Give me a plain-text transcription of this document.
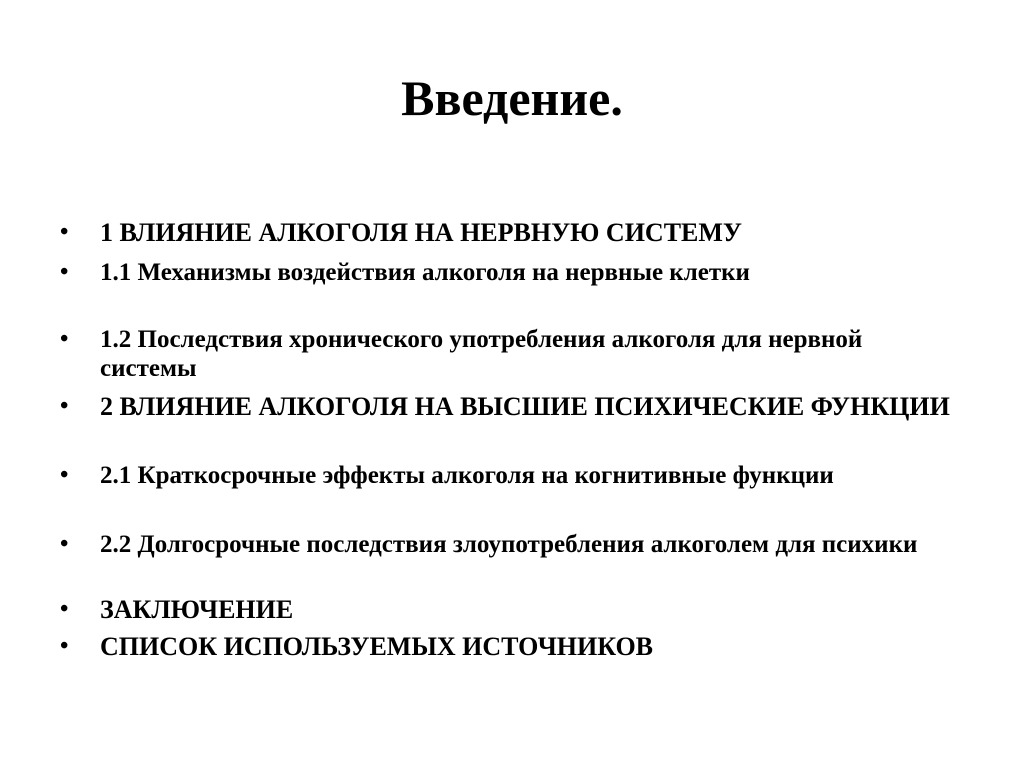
Введение.
•	1 ВЛИЯНИЕ АЛКОГОЛЯ НА НЕРВНУЮ СИСТЕМУ
•	1.1 Механизмы воздействия алкоголя на нервные клетки
•	1.2 Последствия хронического употребления алкоголя для нервной системы
•	2 ВЛИЯНИЕ АЛКОГОЛЯ НА ВЫСШИЕ ПСИХИЧЕСКИЕ ФУНКЦИИ
•	2.1 Краткосрочные эффекты алкоголя на когнитивные функции
•	2.2 Долгосрочные последствия злоупотребления алкоголем для психики
•	ЗАКЛЮЧЕНИЕ
•	СПИСОК ИСПОЛЬЗУЕМЫХ ИСТОЧНИКОВ
